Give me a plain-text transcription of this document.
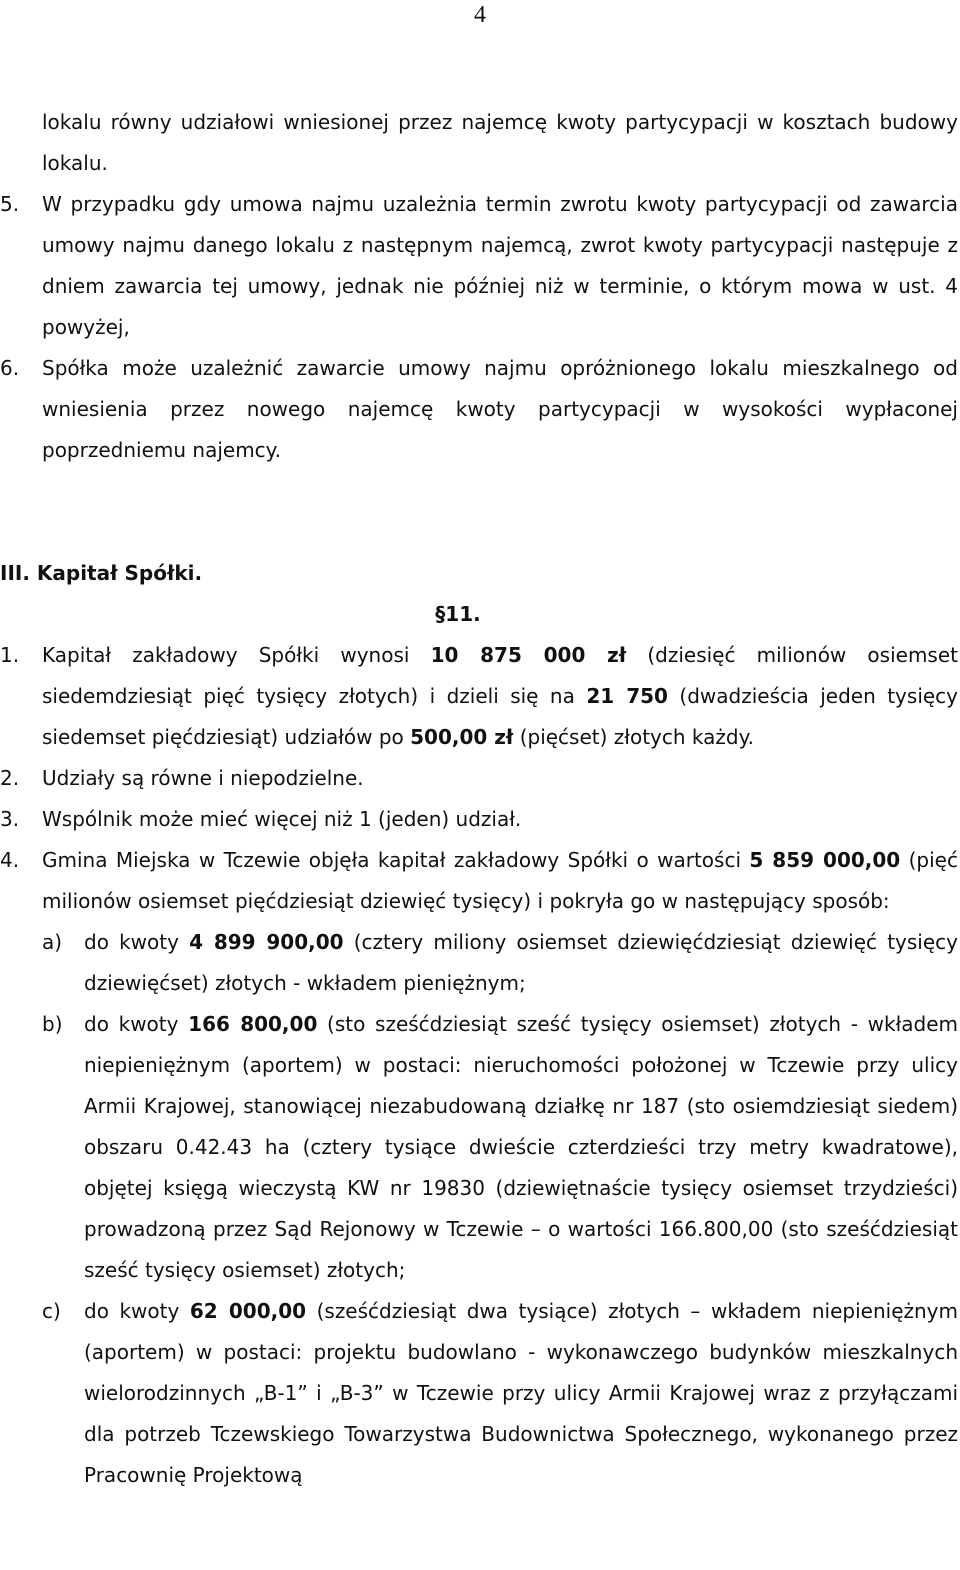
4
lokalu równy udziałowi wniesionej przez najemcę kwoty partycypacji w kosztach budowy lokalu.
5.	W przypadku gdy umowa najmu uzależnia termin zwrotu kwoty partycypacji od zawarcia umowy najmu danego lokalu z następnym najemcą, zwrot kwoty partycypacji następuje z dniem zawarcia tej umowy, jednak nie później niż w terminie, o którym mowa w ust. 4 powyżej,
6.	Spółka może uzależnić zawarcie umowy najmu opróżnionego lokalu mieszkalnego od wniesienia przez nowego najemcę kwoty partycypacji w wysokości wypłaconej poprzedniemu najemcy.
III. Kapitał Spółki.
§11.
1.	Kapitał zakładowy Spółki wynosi 10 875 000 zł (dziesięć milionów osiemset siedemdziesiąt pięć tysięcy złotych) i dzieli się na 21 750 (dwadzieścia jeden tysięcy siedemset pięćdziesiąt) udziałów po 500,00 zł (pięćset) złotych każdy.
2.	Udziały są równe i niepodzielne.
3.	Wspólnik może mieć więcej niż 1 (jeden) udział.
4.	Gmina Miejska w Tczewie objęła kapitał zakładowy Spółki o wartości 5 859 000,00 (pięć milionów osiemset pięćdziesiąt dziewięć tysięcy) i pokryła go w następujący sposób:
a)	do kwoty 4 899 900,00 (cztery miliony osiemset dziewięćdziesiąt dziewięć tysięcy dziewięćset) złotych - wkładem pieniężnym;
b)	do kwoty 166 800,00 (sto sześćdziesiąt sześć tysięcy osiemset) złotych - wkładem niepieniężnym (aportem) w postaci: nieruchomości położonej w Tczewie przy ulicy Armii Krajowej, stanowiącej niezabudowaną działkę nr 187 (sto osiemdziesiąt siedem) obszaru 0.42.43 ha (cztery tysiące dwieście czterdzieści trzy metry kwadratowe), objętej księgą wieczystą KW nr 19830 (dziewiętnaście tysięcy osiemset trzydzieści) prowadzoną przez Sąd Rejonowy w Tczewie – o wartości 166.800,00 (sto sześćdziesiąt sześć tysięcy osiemset) złotych;
c)	do kwoty 62 000,00 (sześćdziesiąt dwa tysiące) złotych – wkładem niepieniężnym (aportem) w postaci: projektu budowlano - wykonawczego budynków mieszkalnych wielorodzinnych „B-1” i „B-3” w Tczewie przy ulicy Armii Krajowej wraz z przyłączami dla potrzeb Tczewskiego Towarzystwa Budownictwa Społecznego, wykonanego przez Pracownię Projektową
